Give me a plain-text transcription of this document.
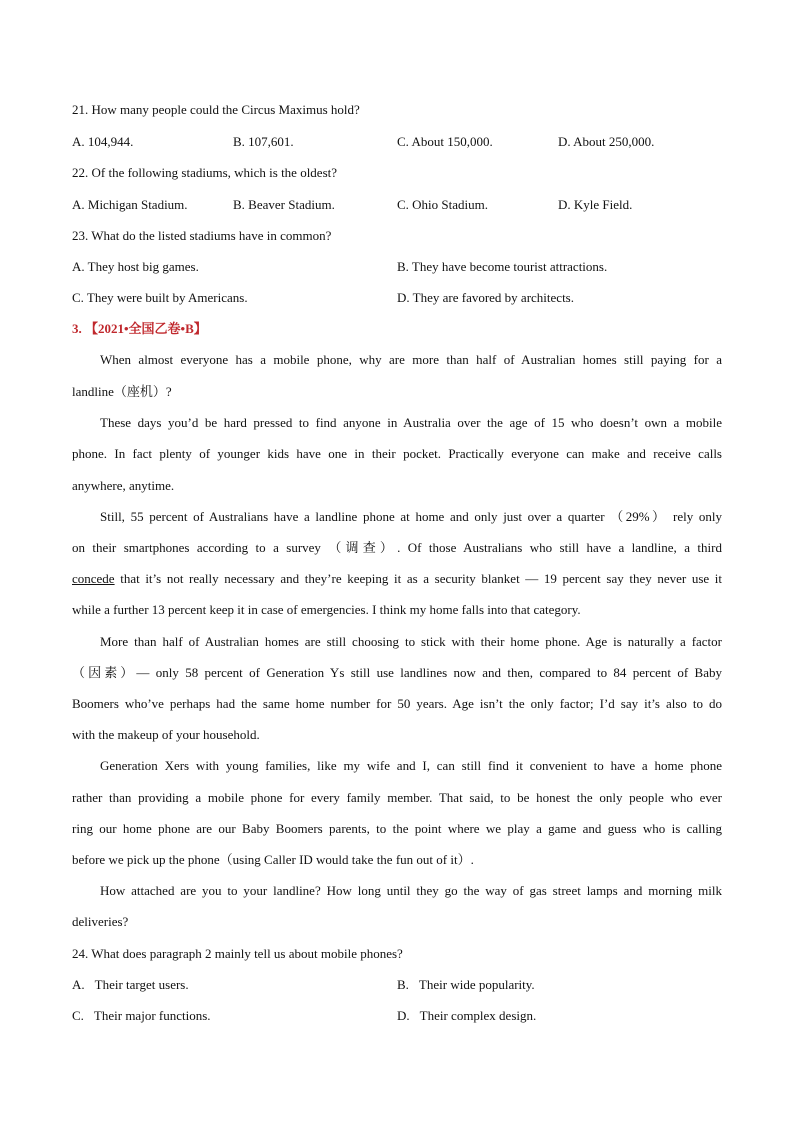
21. How many people could the Circus Maximus hold?
A. 104,944.	B. 107,601.	C. About 150,000.	D. About 250,000.
22. Of the following stadiums, which is the oldest?
A. Michigan Stadium.	B. Beaver Stadium.	C. Ohio Stadium.	D. Kyle Field.
23. What do the listed stadiums have in common?
A. They host big games.	B. They have become tourist attractions.
C. They were built by Americans.	D. They are favored by architects.
3. 【2021•全国乙卷•B】
When almost everyone has a mobile phone, why are more than half of Australian homes still paying for a
landline（座机）?
These days you’d be hard pressed to find anyone in Australia over the age of 15 who doesn’t own a mobile
phone. In fact plenty of younger kids have one in their pocket. Practically everyone can make and receive calls
anywhere, anytime.
Still, 55 percent of Australians have a landline phone at home and only just over a quarter （29%） rely only
on their smartphones according to a survey （调查）. Of those Australians who still have a landline, a third
concede that it’s not really necessary and they’re keeping it as a security blanket — 19 percent say they never use it
while a further 13 percent keep it in case of emergencies. I think my home falls into that category.
More than half of Australian homes are still choosing to stick with their home phone. Age is naturally a factor
（因素）— only 58 percent of Generation Ys still use landlines now and then, compared to 84 percent of Baby
Boomers who’ve perhaps had the same home number for 50 years. Age isn’t the only factor; I’d say it’s also to do
with the makeup of your household.
Generation Xers with young families, like my wife and I, can still find it convenient to have a home phone
rather than providing a mobile phone for every family member. That said, to be honest the only people who ever
ring our home phone are our Baby Boomers parents, to the point where we play a game and guess who is calling
before we pick up the phone（using Caller ID would take the fun out of it）.
How attached are you to your landline? How long until they go the way of gas street lamps and morning milk
deliveries?
24. What does paragraph 2 mainly tell us about mobile phones?
A. Their target users.	B. Their wide popularity.
C. Their major functions.	D. Their complex design.
